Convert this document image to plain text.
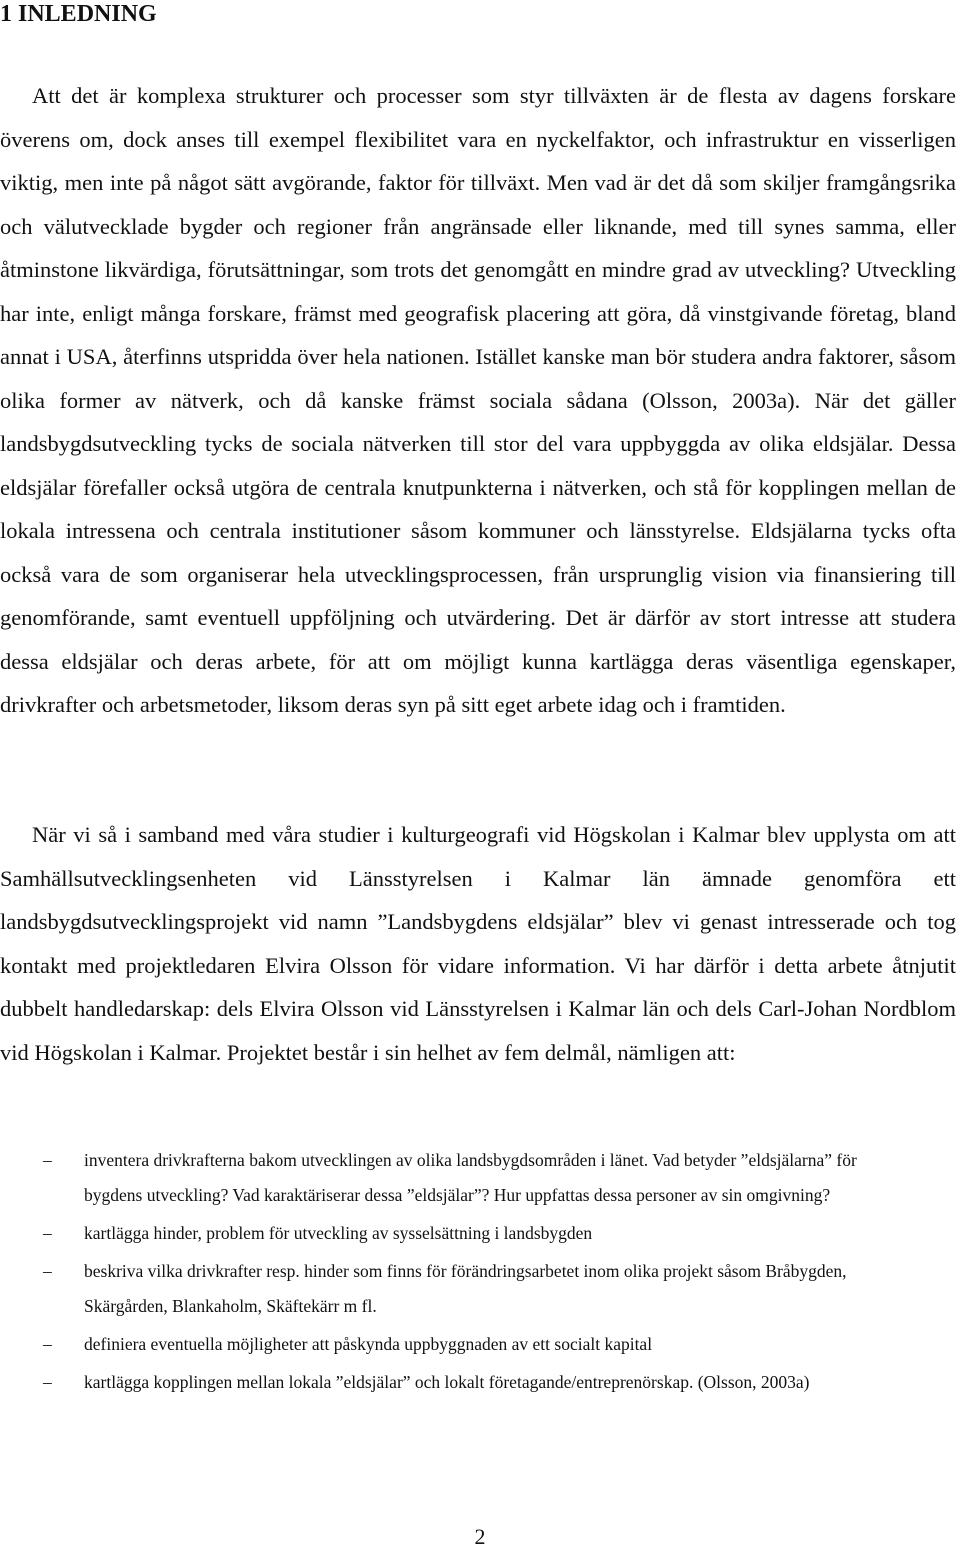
1 INLEDNING

Att det är komplexa strukturer och processer som styr tillväxten är de flesta av dagens forskare överens om, dock anses till exempel flexibilitet vara en nyckelfaktor, och infrastruktur en visserligen viktig, men inte på något sätt avgörande, faktor för tillväxt. Men vad är det då som skiljer framgångsrika och välutvecklade bygder och regioner från angränsade eller liknande, med till synes samma, eller åtminstone likvärdiga, förutsättningar, som trots det genomgått en mindre grad av utveckling? Utveckling har inte, enligt många forskare, främst med geografisk placering att göra, då vinstgivande företag, bland annat i USA, återfinns utspridda över hela nationen. Istället kanske man bör studera andra faktorer, såsom olika former av nätverk, och då kanske främst sociala sådana (Olsson, 2003a). När det gäller landsbygdsutveckling tycks de sociala nätverken till stor del vara uppbyggda av olika eldsjälar. Dessa eldsjälar förefaller också utgöra de centrala knutpunkterna i nätverken, och stå för kopplingen mellan de lokala intressena och centrala institutioner såsom kommuner och länsstyrelse. Eldsjälarna tycks ofta också vara de som organiserar hela utvecklingsprocessen, från ursprunglig vision via finansiering till genomförande, samt eventuell uppföljning och utvärdering. Det är därför av stort intresse att studera dessa eldsjälar och deras arbete, för att om möjligt kunna kartlägga deras väsentliga egenskaper, drivkrafter och arbetsmetoder, liksom deras syn på sitt eget arbete idag och i framtiden.

När vi så i samband med våra studier i kulturgeografi vid Högskolan i Kalmar blev upplysta om att Samhällsutvecklingsenheten vid Länsstyrelsen i Kalmar län ämnade genomföra ett landsbygdsutvecklingsprojekt vid namn ”Landsbygdens eldsjälar” blev vi genast intresserade och tog kontakt med projektledaren Elvira Olsson för vidare information. Vi har därför i detta arbete åtnjutit dubbelt handledarskap: dels Elvira Olsson vid Länsstyrelsen i Kalmar län och dels Carl-Johan Nordblom vid Högskolan i Kalmar. Projektet består i sin helhet av fem delmål, nämligen att:

– inventera drivkrafterna bakom utvecklingen av olika landsbygdsområden i länet. Vad betyder ”eldsjälarna” för bygdens utveckling? Vad karaktäriserar dessa ”eldsjälar”? Hur uppfattas dessa personer av sin omgivning?
– kartlägga hinder, problem för utveckling av sysselsättning i landsbygden
– beskriva vilka drivkrafter resp. hinder som finns för förändringsarbetet inom olika projekt såsom Bråbygden, Skärgården, Blankaholm, Skäftekärr m fl.
– definiera eventuella möjligheter att påskynda uppbyggnaden av ett socialt kapital
– kartlägga kopplingen mellan lokala ”eldsjälar” och lokalt företagande/entreprenörskap. (Olsson, 2003a)
2
